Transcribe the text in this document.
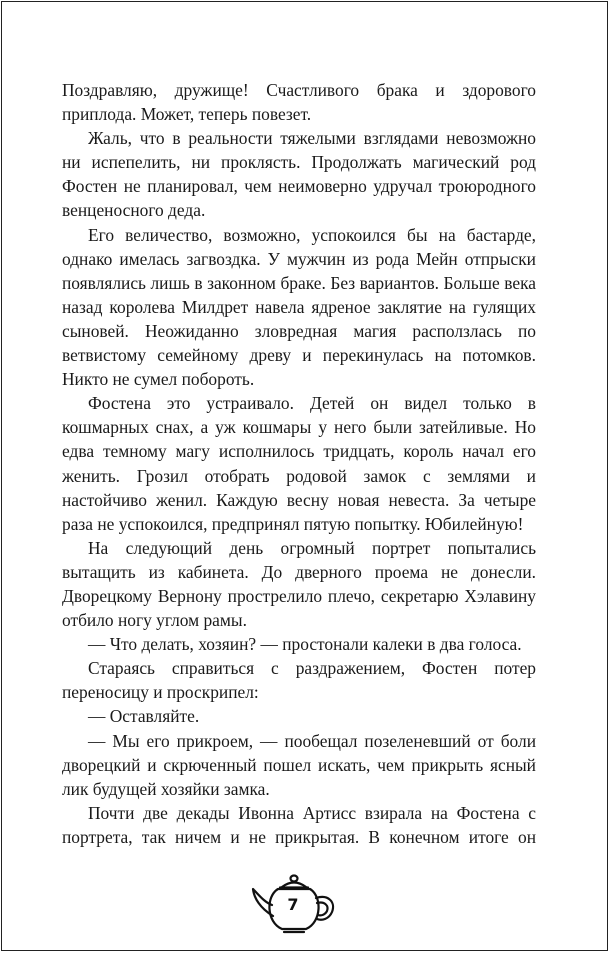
Поздравляю, дружище! Счастливого брака и здорового приплода. Может, теперь повезет.

Жаль, что в реальности тяжелыми взглядами невозможно ни испепелить, ни проклясть. Продолжать магический род Фостен не планировал, чем неимоверно удручал троюродного венценосного деда.

Его величество, возможно, успокоился бы на бастарде, однако имелась загвоздка. У мужчин из рода Мейн отпрыски появлялись лишь в законном браке. Без вариантов. Больше века назад королева Милдрет навела ядреное заклятие на гулящих сыновей. Неожиданно зловредная магия расползлась по ветвистому семейному древу и перекинулась на потомков. Никто не сумел побороть.

Фостена это устраивало. Детей он видел только в кошмарных снах, а уж кошмары у него были затейливые. Но едва темному магу исполнилось тридцать, король начал его женить. Грозил отобрать родовой замок с землями и настойчиво женил. Каждую весну новая невеста. За четыре раза не успокоился, предпринял пятую попытку. Юбилейную!

На следующий день огромный портрет попытались вытащить из кабинета. До дверного проема не донесли. Дворецкому Вернону прострелило плечо, секретарю Хэлавину отбило ногу углом рамы.

— Что делать, хозяин? — простонали калеки в два голоса.

Стараясь справиться с раздражением, Фостен потер переносицу и проскрипел:

— Оставляйте.

— Мы его прикроем, — пообещал позеленевший от боли дворецкий и скрюченный пошел искать, чем прикрыть ясный лик будущей хозяйки замка.

Почти две декады Ивонна Артисс взирала на Фостена с портрета, так ничем и не прикрытая. В конечном итоге он

7
